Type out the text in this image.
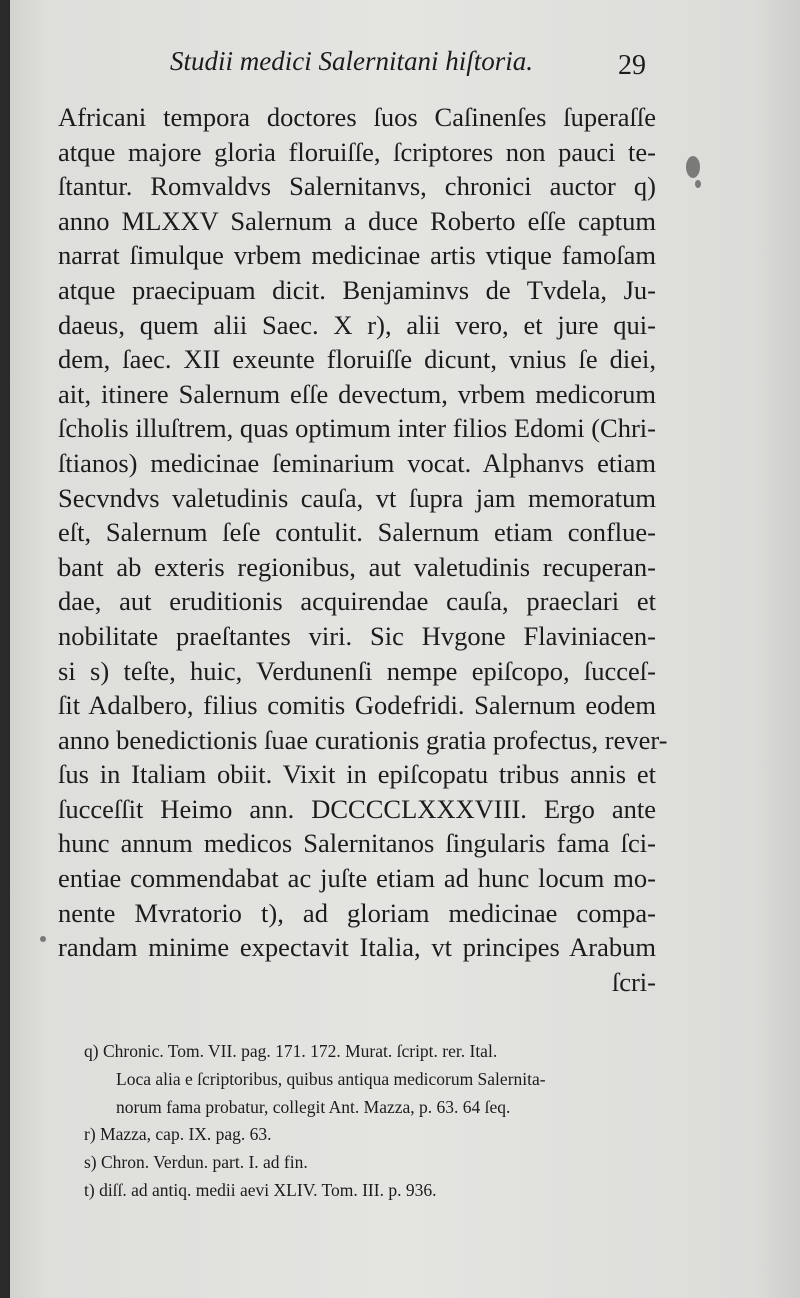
Studii medici Salernitani hiſtoria.	29
Africani tempora doctores ſuos Caſinenſes ſuperaſſe
atque majore gloria floruiſſe, ſcriptores non pauci te-
ſtantur. Romvaldvs Salernitanvs, chronici auctor q)
anno MLXXV Salernum a duce Roberto eſſe captum
narrat ſimulque vrbem medicinae artis vtique famoſam
atque praecipuam dicit. Benjaminvs de Tvdela, Ju-
daeus, quem alii Saec. X r), alii vero, et jure qui-
dem, ſaec. XII exeunte floruiſſe dicunt, vnius ſe diei,
ait, itinere Salernum eſſe devectum, vrbem medicorum
ſcholis illuſtrem, quas optimum inter filios Edomi (Chri-
ſtianos) medicinae ſeminarium vocat. Alphanvs etiam
Secvndvs valetudinis cauſa, vt ſupra jam memoratum
eſt, Salernum ſeſe contulit. Salernum etiam conflue-
bant ab exteris regionibus, aut valetudinis recuperan-
dae, aut eruditionis acquirendae cauſa, praeclari et
nobilitate praeſtantes viri. Sic Hvgone Flaviniacen-
si s) teſte, huic, Verdunenſi nempe epiſcopo, ſucceſ-
ſit Adalbero, filius comitis Godefridi. Salernum eodem
anno benedictionis ſuae curationis gratia profectus, rever-
ſus in Italiam obiit. Vixit in epiſcopatu tribus annis et
ſucceſſit Heimo ann. DCCCCLXXXVIII. Ergo ante
hunc annum medicos Salernitanos ſingularis fama ſci-
entiae commendabat ac juſte etiam ad hunc locum mo-
nente Mvratorio t), ad gloriam medicinae compa-
randam minime expectavit Italia, vt principes Arabum
ſcri-
q) Chronic. Tom. VII. pag. 171. 172. Murat. ſcript. rer. Ital.
Loca alia e ſcriptoribus, quibus antiqua medicorum Salernita-
norum fama probatur, collegit Ant. Mazza, p. 63. 64 ſeq.
r) Mazza, cap. IX. pag. 63.
s) Chron. Verdun. part. I. ad fin.
t) diſſ. ad antiq. medii aevi XLIV. Tom. III. p. 936.
